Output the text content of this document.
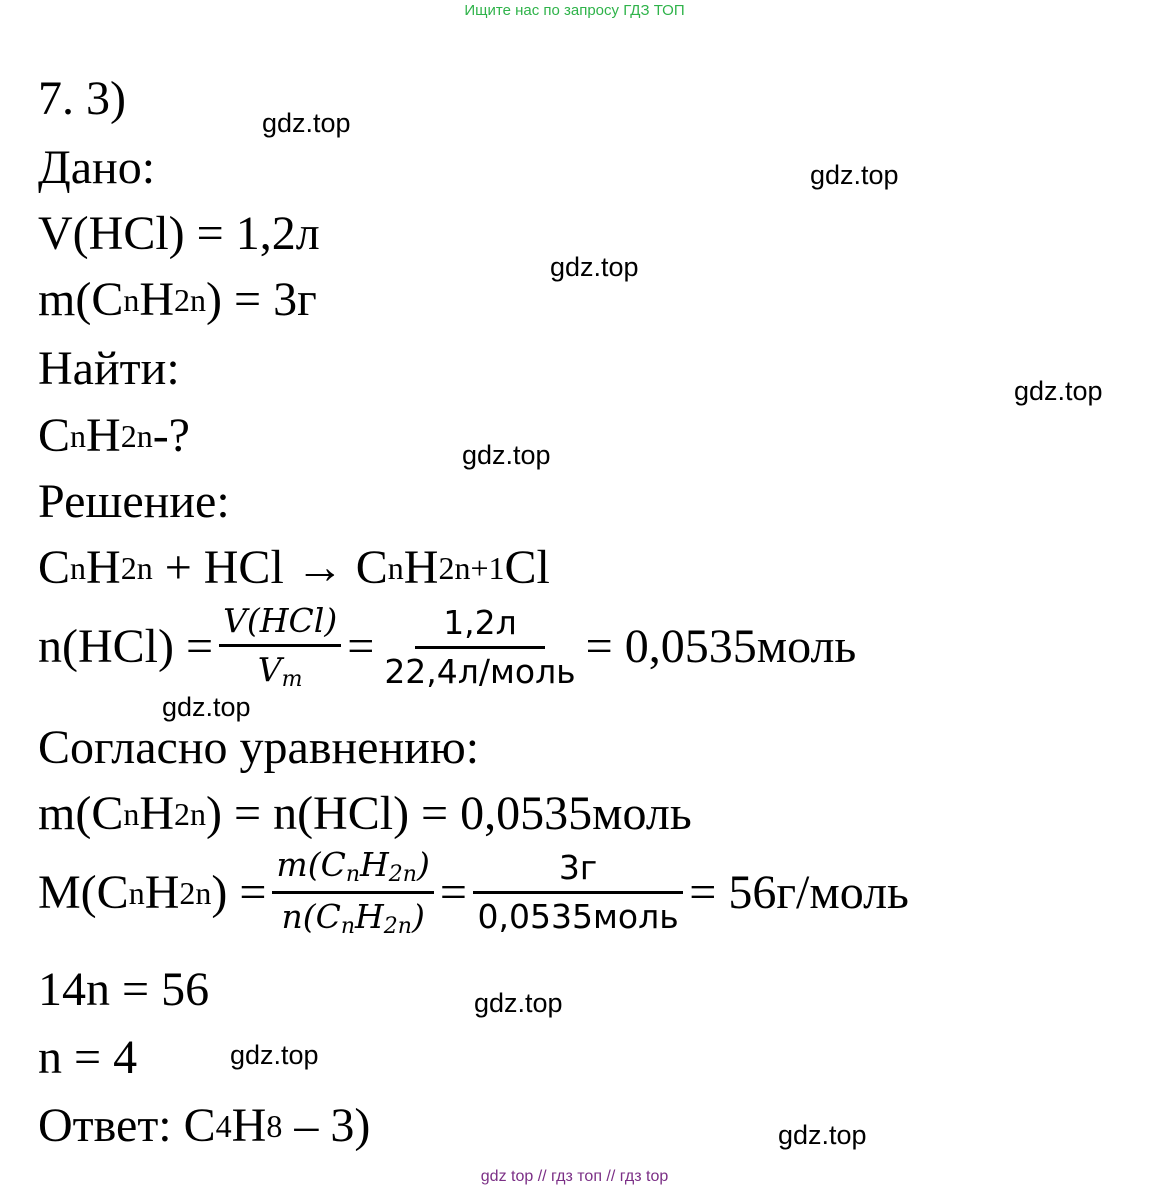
Ищите нас по запросу ГДЗ ТОП
gdz.top
gdz.top
gdz.top
gdz.top
gdz.top
gdz.top
gdz.top
gdz.top
gdz.top
7. 3)
Дано:
V(HCl) = 1,2л
m(C n H 2n ) = 3г
Найти:
C n H 2n -?
Решение:
C n H 2n + HCl → C n H 2n+1 Cl
$n(HCl) = \frac{\text{V(HCl)}}{V_m} = \frac{1,2л}{\text{22,4л/моль}}$ = 0,0535моль
Согласно уравнению:
m(C n H 2n ) = n(HCl) = 0,0535моль
M(C n H 2n ) = $\frac{m(C_nH_{2n})}{n(C_nH_{2n})} = \frac{3г}{\text{0,0535моль}}$ = 56г/моль
14n = 56
n = 4
Ответ: C 4 H 8 – 3)
gdz top // гдз топ // гдз top
